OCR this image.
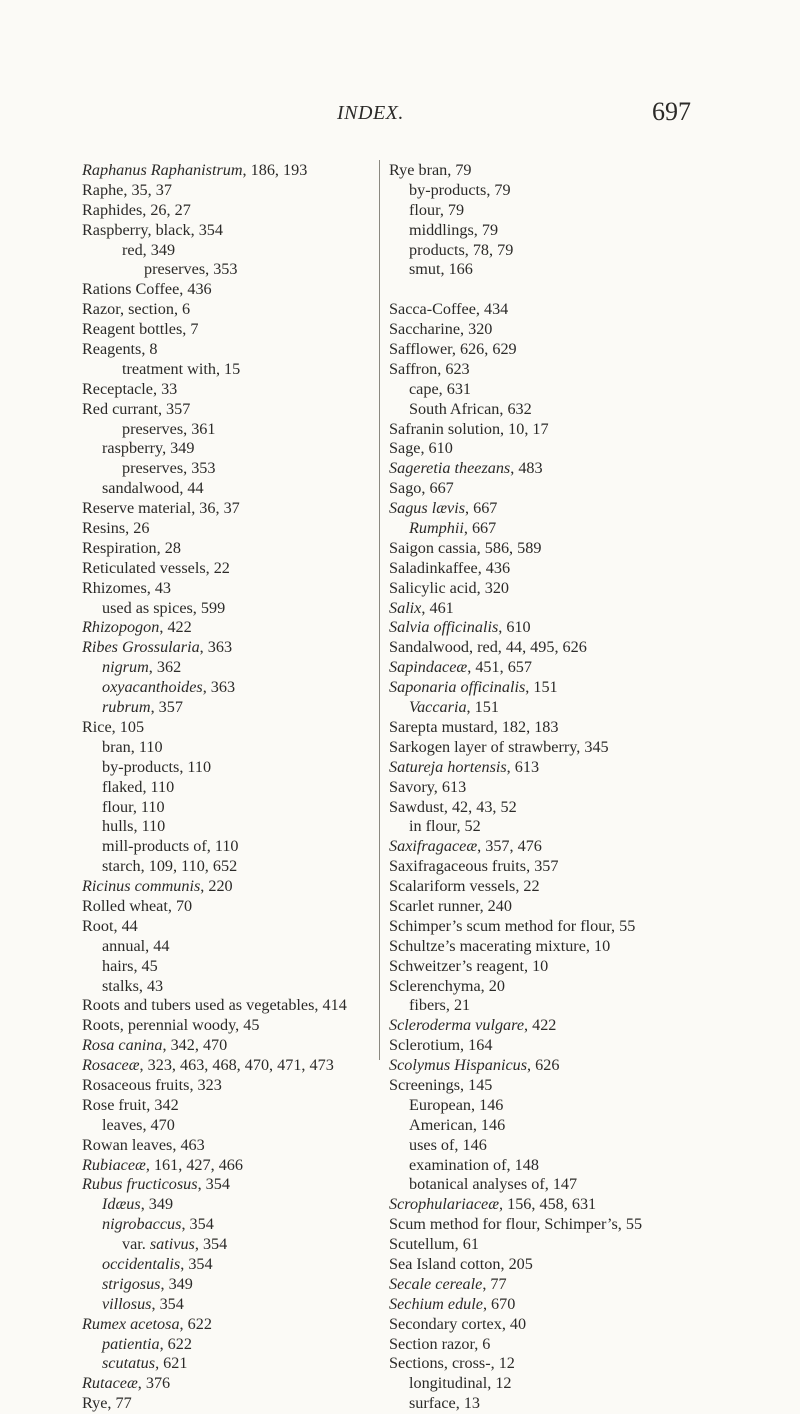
INDEX.	697
Raphanus Raphanistrum, 186, 193
Raphe, 35, 37
Raphides, 26, 27
Raspberry, black, 354
red, 349
preserves, 353
Rations Coffee, 436
Razor, section, 6
Reagent bottles, 7
Reagents, 8
treatment with, 15
Receptacle, 33
Red currant, 357
preserves, 361
raspberry, 349
preserves, 353
sandalwood, 44
Reserve material, 36, 37
Resins, 26
Respiration, 28
Reticulated vessels, 22
Rhizomes, 43
used as spices, 599
Rhizopogon, 422
Ribes Grossularia, 363
nigrum, 362
oxyacanthoides, 363
rubrum, 357
Rice, 105
bran, 110
by-products, 110
flaked, 110
flour, 110
hulls, 110
mill-products of, 110
starch, 109, 110, 652
Ricinus communis, 220
Rolled wheat, 70
Root, 44
annual, 44
hairs, 45
stalks, 43
Roots and tubers used as vegetables, 414
Roots, perennial woody, 45
Rosa canina, 342, 470
Rosaceæ, 323, 463, 468, 470, 471, 473
Rosaceous fruits, 323
Rose fruit, 342
leaves, 470
Rowan leaves, 463
Rubiaceæ, 161, 427, 466
Rubus fructicosus, 354
Idæus, 349
nigrobaccus, 354
var. sativus, 354
occidentalis, 354
strigosus, 349
villosus, 354
Rumex acetosa, 622
patientia, 622
scutatus, 621
Rutaceæ, 376
Rye, 77
Rye bran, 79
by-products, 79
flour, 79
middlings, 79
products, 78, 79
smut, 166
Sacca-Coffee, 434
Saccharine, 320
Safflower, 626, 629
Saffron, 623
cape, 631
South African, 632
Safranin solution, 10, 17
Sage, 610
Sageretia theezans, 483
Sago, 667
Sagus lævis, 667
Rumphii, 667
Saigon cassia, 586, 589
Saladinkaffee, 436
Salicylic acid, 320
Salix, 461
Salvia officinalis, 610
Sandalwood, red, 44, 495, 626
Sapindaceæ, 451, 657
Saponaria officinalis, 151
Vaccaria, 151
Sarepta mustard, 182, 183
Sarkogen layer of strawberry, 345
Satureja hortensis, 613
Savory, 613
Sawdust, 42, 43, 52
in flour, 52
Saxifragaceæ, 357, 476
Saxifragaceous fruits, 357
Scalariform vessels, 22
Scarlet runner, 240
Schimper’s scum method for flour, 55
Schultze’s macerating mixture, 10
Schweitzer’s reagent, 10
Sclerenchyma, 20
fibers, 21
Scleroderma vulgare, 422
Sclerotium, 164
Scolymus Hispanicus, 626
Screenings, 145
European, 146
American, 146
uses of, 146
examination of, 148
botanical analyses of, 147
Scrophulariaceæ, 156, 458, 631
Scum method for flour, Schimper’s, 55
Scutellum, 61
Sea Island cotton, 205
Secale cereale, 77
Sechium edule, 670
Secondary cortex, 40
Section razor, 6
Sections, cross-, 12
longitudinal, 12
surface, 13
